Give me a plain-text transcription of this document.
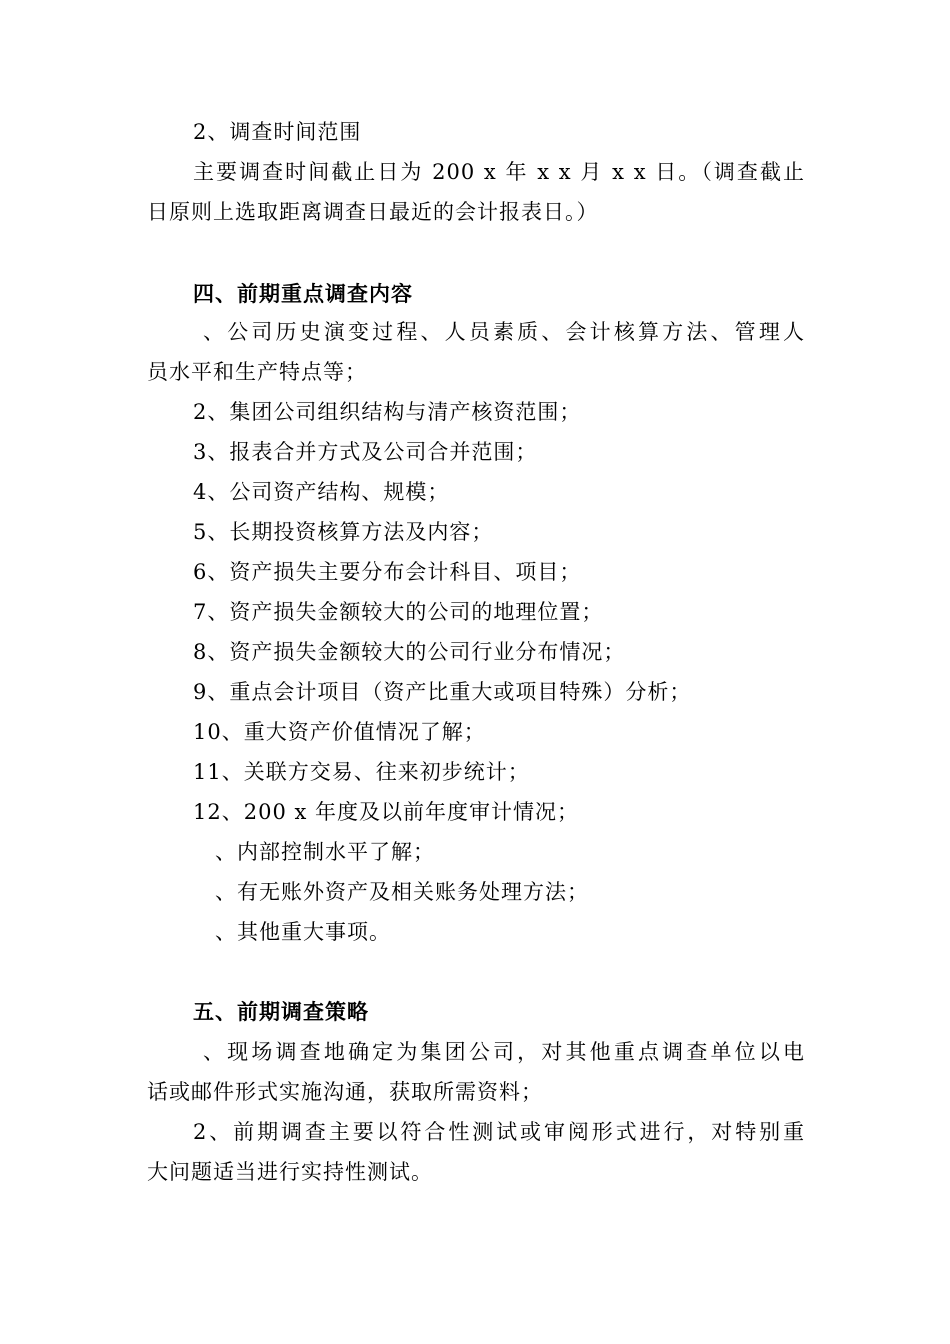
2、调查时间范围
主要调查时间截止日为 200 x 年 x x 月 x x 日。（调查截止
日原则上选取距离调查日最近的会计报表日。）
四、前期重点调查内容
、公司历史演变过程、人员素质、会计核算方法、管理人
员水平和生产特点等；
2、集团公司组织结构与清产核资范围；
3、报表合并方式及公司合并范围；
4、公司资产结构、规模；
5、长期投资核算方法及内容；
6、资产损失主要分布会计科目、项目；
7、资产损失金额较大的公司的地理位置；
8、资产损失金额较大的公司行业分布情况；
9、重点会计项目（资产比重大或项目特殊）分析；
10、重大资产价值情况了解；
11、关联方交易、往来初步统计；
12、200 x 年度及以前年度审计情况；
、内部控制水平了解；
、有无账外资产及相关账务处理方法；
、其他重大事项。
五、前期调查策略
、现场调查地确定为集团公司，对其他重点调查单位以电
话或邮件形式实施沟通，获取所需资料；
2、前期调查主要以符合性测试或审阅形式进行，对特别重
大问题适当进行实持性测试。
